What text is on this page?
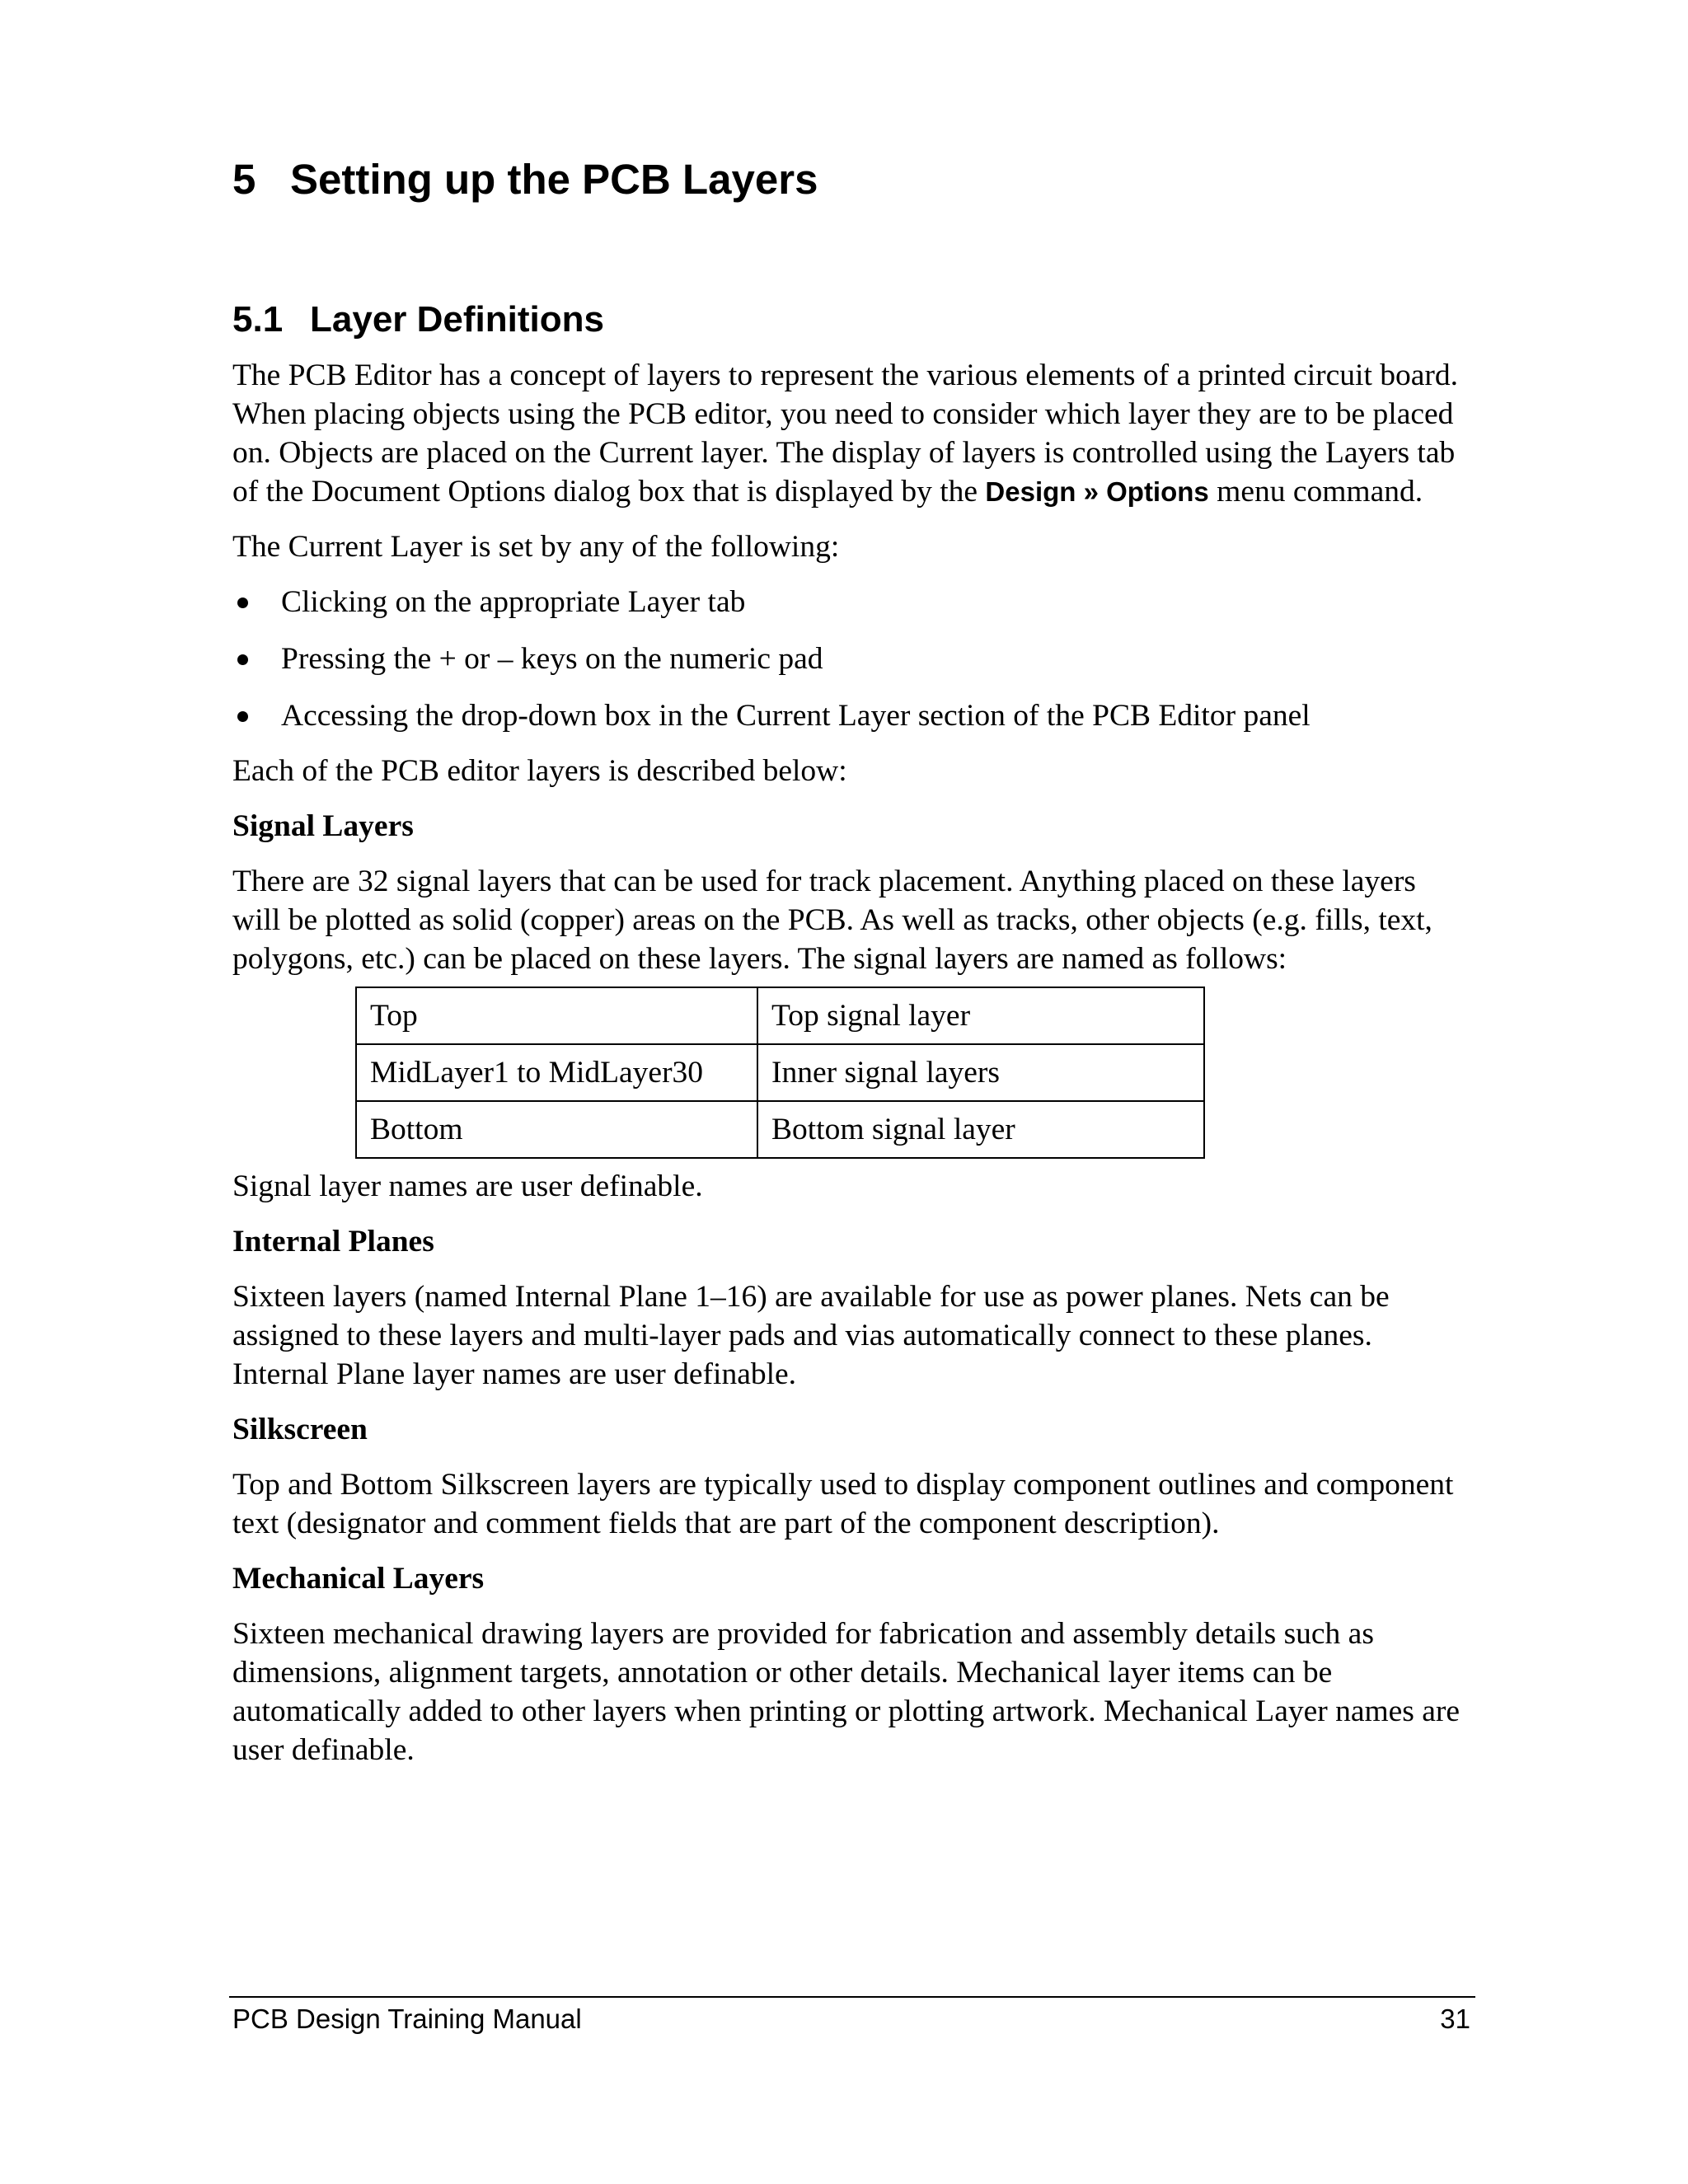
5 Setting up the PCB Layers
5.1 Layer Definitions

The PCB Editor has a concept of layers to represent the various elements of a printed circuit board. When placing objects using the PCB editor, you need to consider which layer they are to be placed on. Objects are placed on the Current layer. The display of layers is controlled using the Layers tab of the Document Options dialog box that is displayed by the Design » Options menu command.

The Current Layer is set by any of the following:

Clicking on the appropriate Layer tab
Pressing the + or – keys on the numeric pad
Accessing the drop-down box in the Current Layer section of the PCB Editor panel

Each of the PCB editor layers is described below:

Signal Layers

There are 32 signal layers that can be used for track placement. Anything placed on these layers will be plotted as solid (copper) areas on the PCB. As well as tracks, other objects (e.g. fills, text, polygons, etc.) can be placed on these layers. The signal layers are named as follows:

Top	Top signal layer
MidLayer1 to MidLayer30	Inner signal layers
Bottom	Bottom signal layer

Signal layer names are user definable.

Internal Planes

Sixteen layers (named Internal Plane 1–16) are available for use as power planes. Nets can be assigned to these layers and multi-layer pads and vias automatically connect to these planes. Internal Plane layer names are user definable.

Silkscreen

Top and Bottom Silkscreen layers are typically used to display component outlines and component text (designator and comment fields that are part of the component description).

Mechanical Layers

Sixteen mechanical drawing layers are provided for fabrication and assembly details such as dimensions, alignment targets, annotation or other details. Mechanical layer items can be automatically added to other layers when printing or plotting artwork. Mechanical Layer names are user definable.

PCB Design Training Manual	31
